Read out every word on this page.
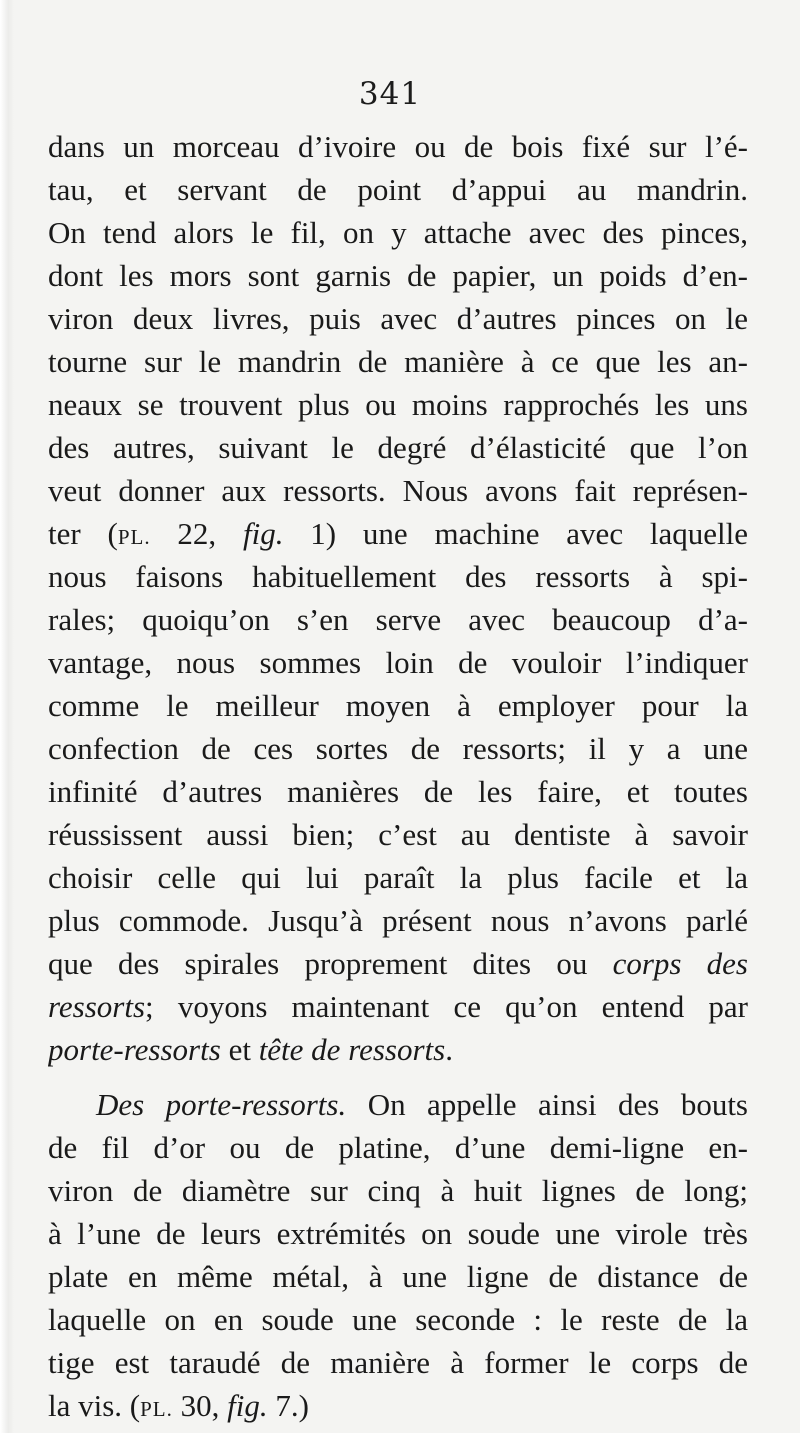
341
dans un morceau d’ivoire ou de bois fixé sur l’é-
tau, et servant de point d’appui au mandrin.
On tend alors le fil, on y attache avec des pinces,
dont les mors sont garnis de papier, un poids d’en-
viron deux livres, puis avec d’autres pinces on le
tourne sur le mandrin de manière à ce que les an-
neaux se trouvent plus ou moins rapprochés les uns
des autres, suivant le degré d’élasticité que l’on
veut donner aux ressorts. Nous avons fait représen-
ter (PL. 22, fig. 1) une machine avec laquelle
nous faisons habituellement des ressorts à spi-
rales; quoiqu’on s’en serve avec beaucoup d’a-
vantage, nous sommes loin de vouloir l’indiquer
comme le meilleur moyen à employer pour la
confection de ces sortes de ressorts; il y a une
infinité d’autres manières de les faire, et toutes
réussissent aussi bien; c’est au dentiste à savoir
choisir celle qui lui paraît la plus facile et la
plus commode. Jusqu’à présent nous n’avons parlé
que des spirales proprement dites ou corps des
ressorts; voyons maintenant ce qu’on entend par
porte-ressorts et tête de ressorts.
Des porte-ressorts. On appelle ainsi des bouts
de fil d’or ou de platine, d’une demi-ligne en-
viron de diamètre sur cinq à huit lignes de long;
à l’une de leurs extrémités on soude une virole très
plate en même métal, à une ligne de distance de
laquelle on en soude une seconde : le reste de la
tige est taraudé de manière à former le corps de
la vis. (PL. 30, fig. 7.)
